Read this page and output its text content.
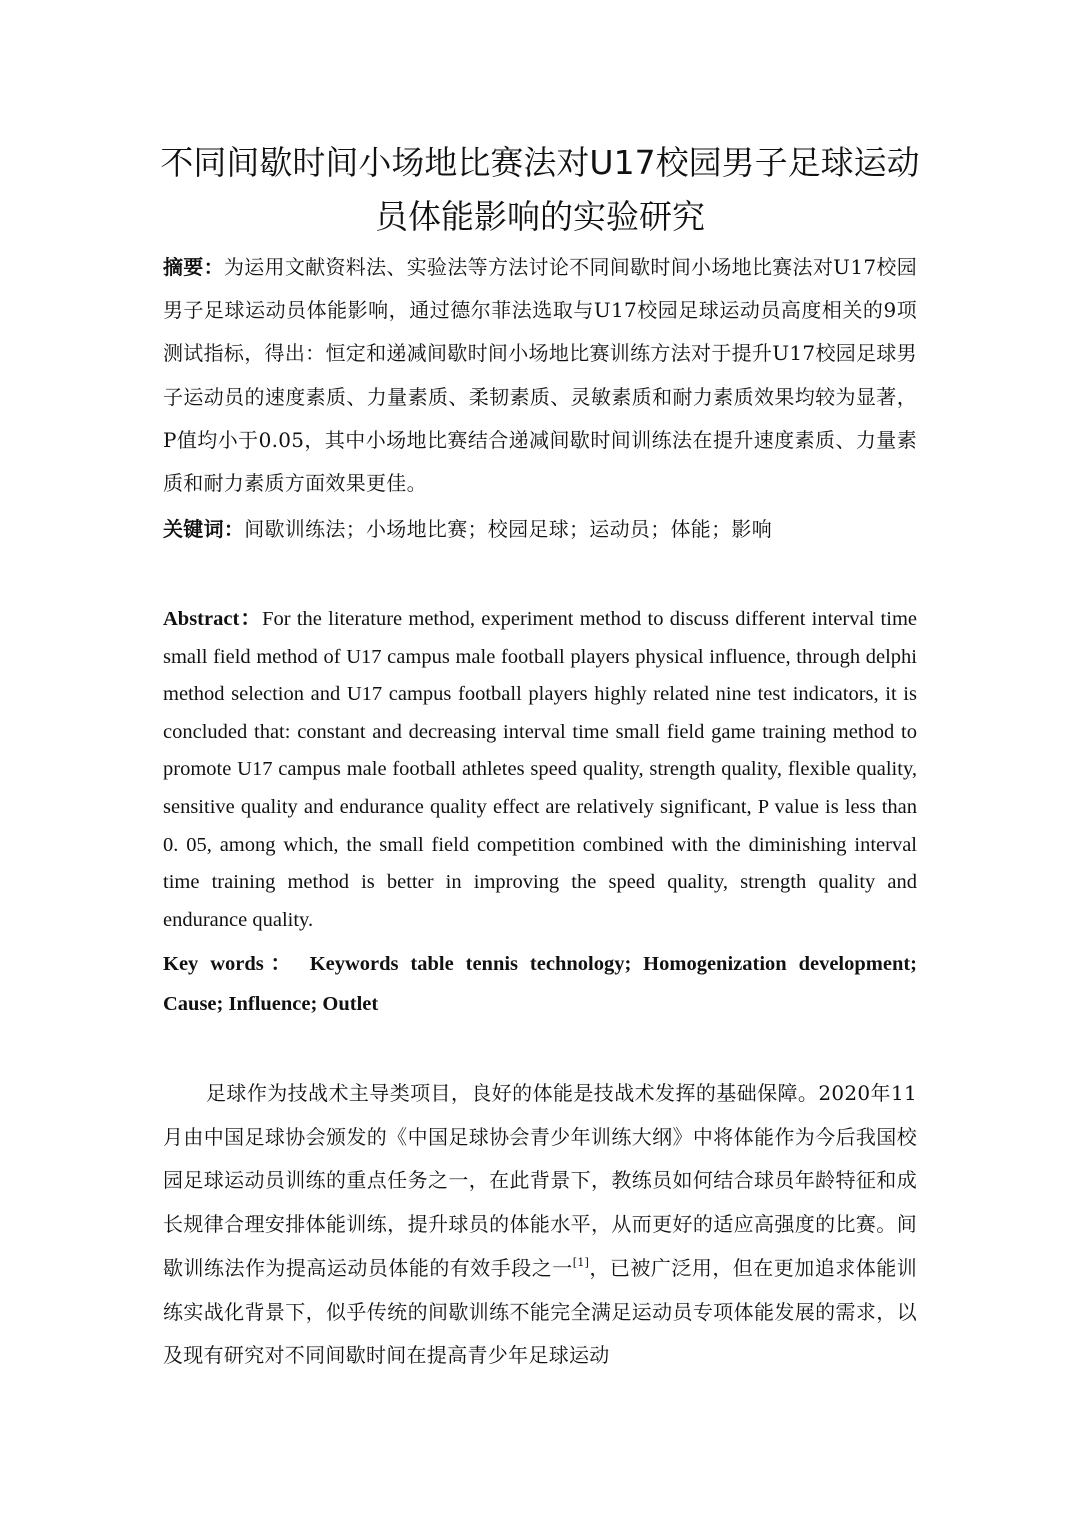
不同间歇时间小场地比赛法对U17校园男子足球运动员体能影响的实验研究

摘要：为运用文献资料法、实验法等方法讨论不同间歇时间小场地比赛法对U17校园男子足球运动员体能影响，通过德尔菲法选取与U17校园足球运动员高度相关的9项测试指标，得出：恒定和递减间歇时间小场地比赛训练方法对于提升U17校园足球男子运动员的速度素质、力量素质、柔韧素质、灵敏素质和耐力素质效果均较为显著，P值均小于0.05，其中小场地比赛结合递减间歇时间训练法在提升速度素质、力量素质和耐力素质方面效果更佳。

关键词：间歇训练法；小场地比赛；校园足球；运动员；体能；影响

Abstract：For the literature method, experiment method to discuss different interval time small field method of U17 campus male football players physical influence, through delphi method selection and U17 campus football players highly related nine test indicators, it is concluded that: constant and decreasing interval time small field game training method to promote U17 campus male football athletes speed quality, strength quality, flexible quality, sensitive quality and endurance quality effect are relatively significant, P value is less than 0. 05, among which, the small field competition combined with the diminishing interval time training method is better in improving the speed quality, strength quality and endurance quality.

Key words： Keywords table tennis technology; Homogenization development; Cause; Influence; Outlet

足球作为技战术主导类项目，良好的体能是技战术发挥的基础保障。2020年11月由中国足球协会颁发的《中国足球协会青少年训练大纲》中将体能作为今后我国校园足球运动员训练的重点任务之一，在此背景下，教练员如何结合球员年龄特征和成长规律合理安排体能训练，提升球员的体能水平，从而更好的适应高强度的比赛。间歇训练法作为提高运动员体能的有效手段之一[1]，已被广泛用，但在更加追求体能训练实战化背景下，似乎传统的间歇训练不能完全满足运动员专项体能发展的需求，以及现有研究对不同间歇时间在提高青少年足球运动
